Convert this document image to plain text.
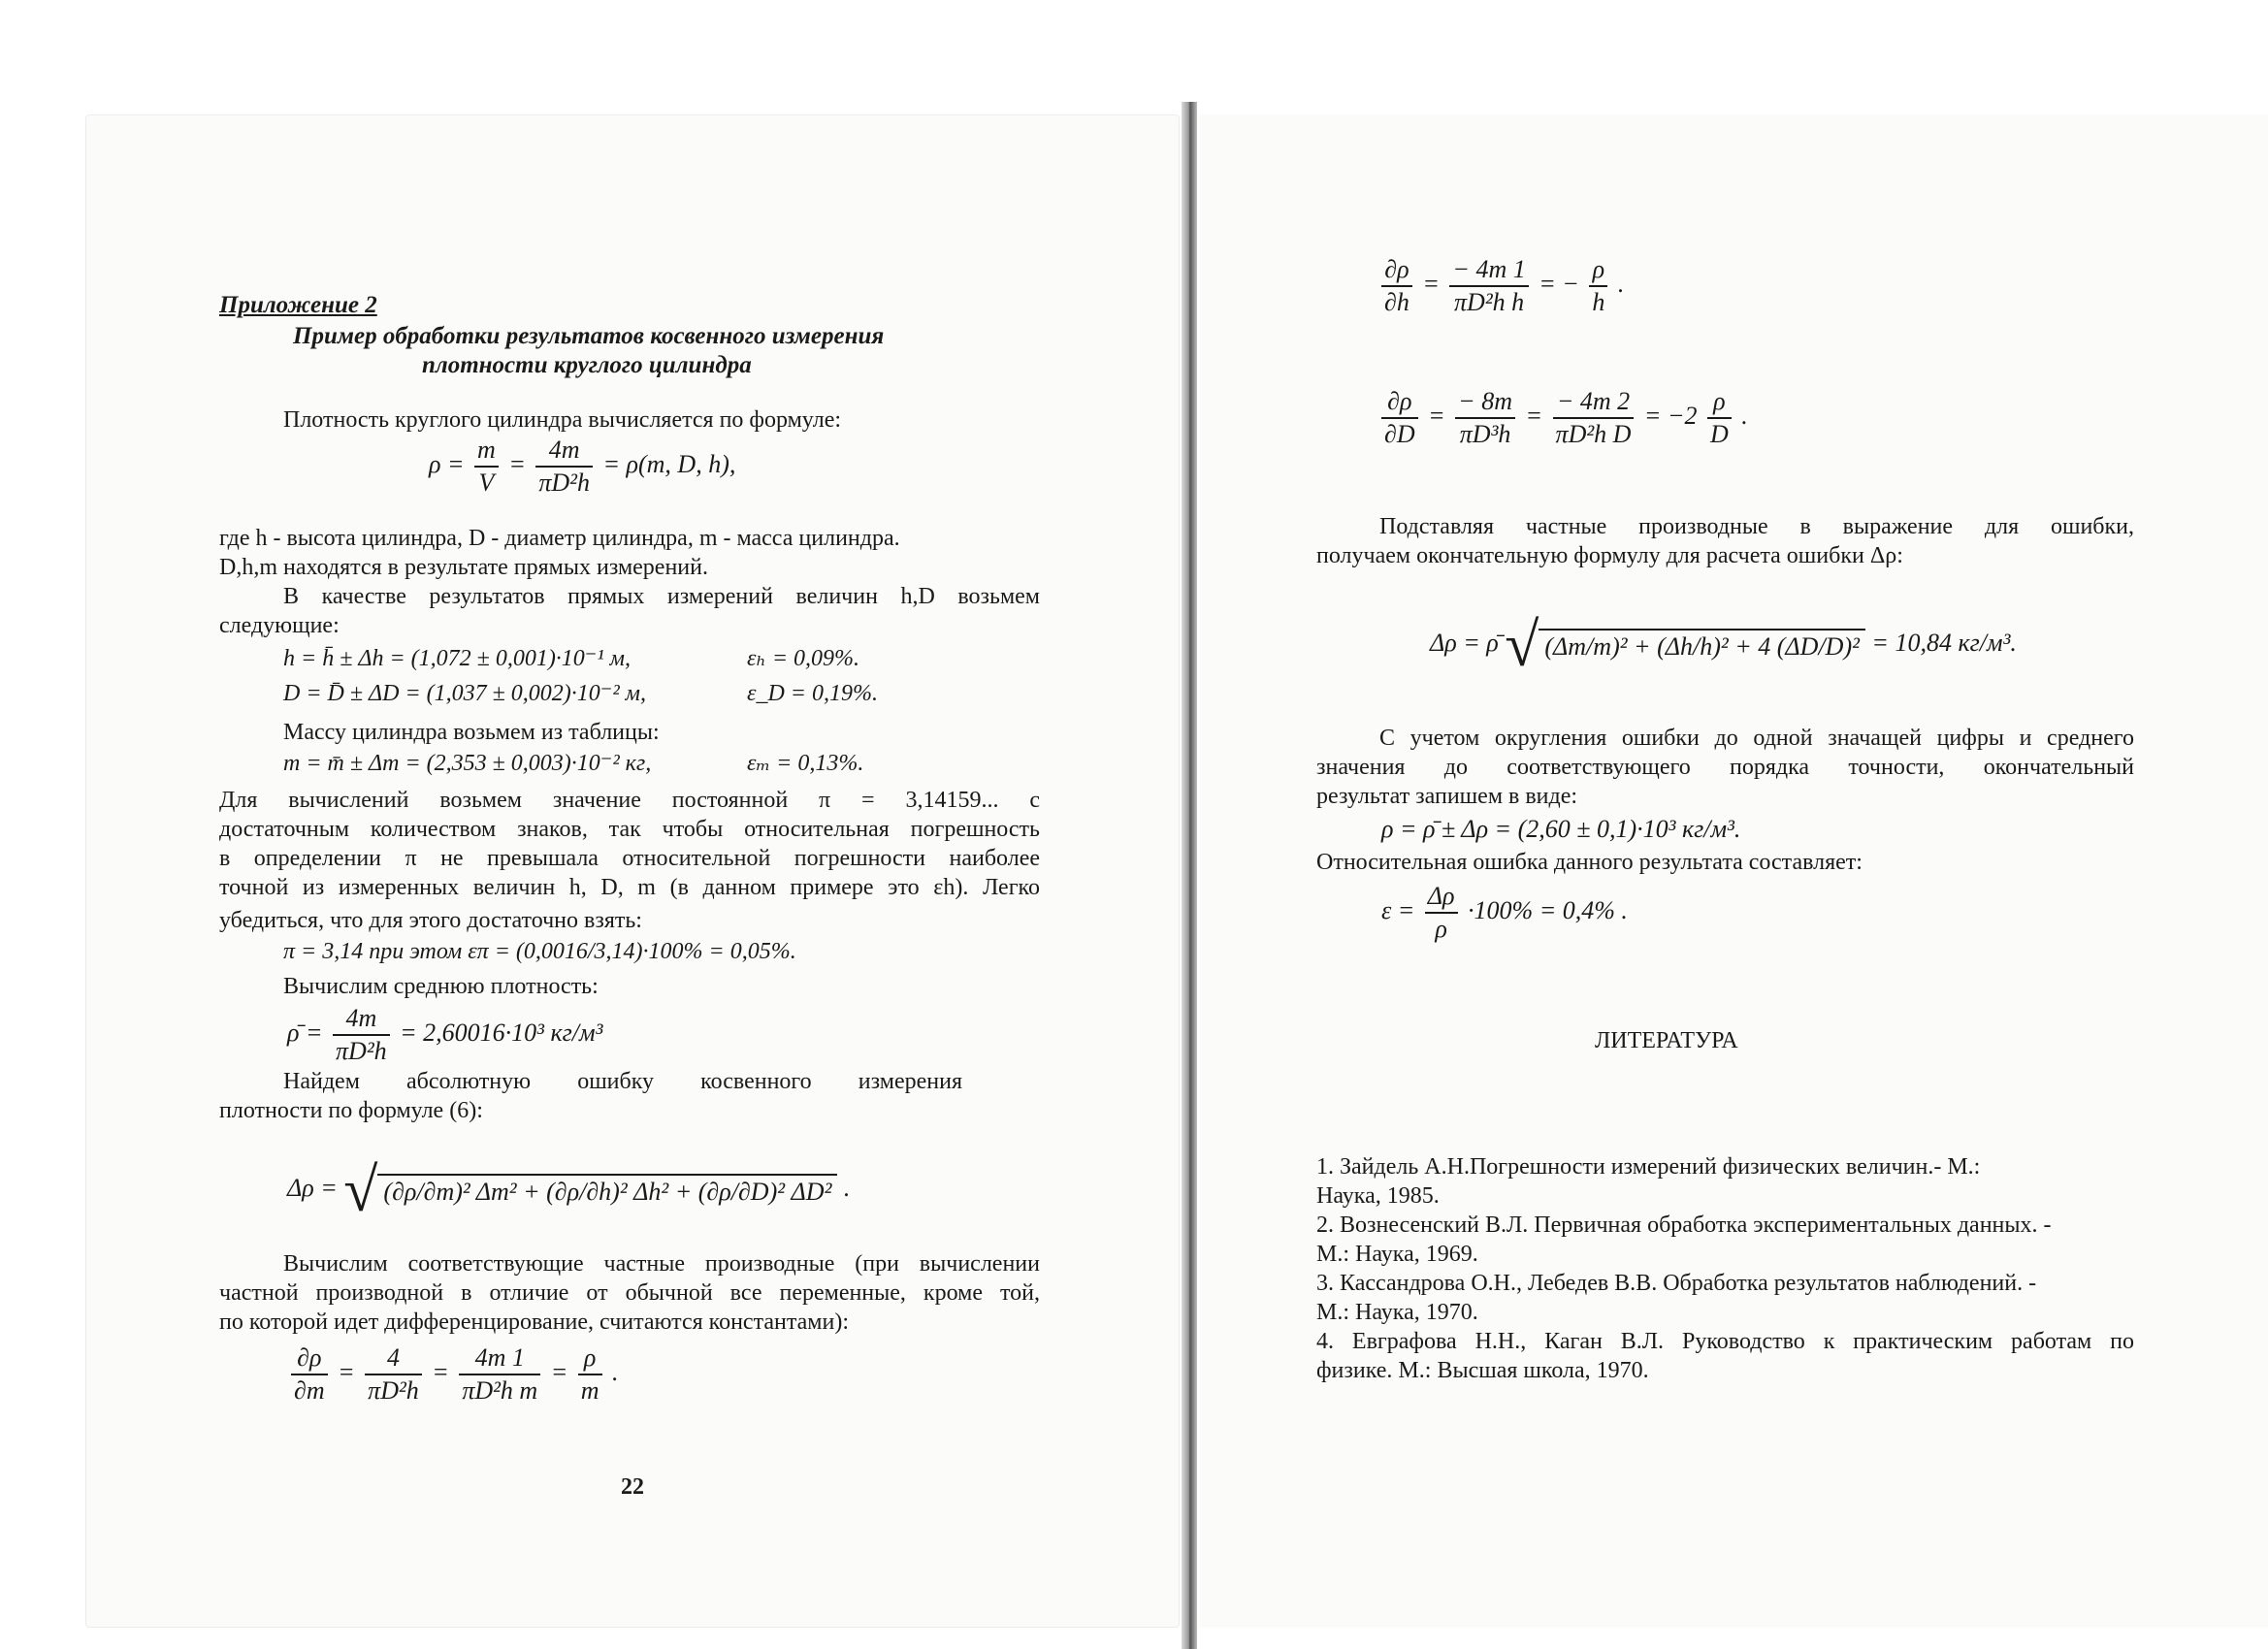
Приложение 2
Пример обработки результатов косвенного измерения
плотности круглого цилиндра
Плотность круглого цилиндра вычисляется по формуле:
$\rho = \frac{m}{V} = \frac{4m}{\text{πD²h}} = \rho(m$, D, h),
где h - высота цилиндра, D - диаметр цилиндра, m - масса цилиндра.
D,h,m находятся в результате прямых измерений.
В качестве результатов прямых измерений величин h,D возьмем
следующие:
h = h̄ ± Δh = (1,072 ± 0,001)·10⁻¹ м,	εₕ = 0,09%.
D = D̄ ± ΔD = (1,037 ± 0,002)·10⁻² м,	ε_D = 0,19%.
Массу цилиндра возьмем из таблицы:
m = m̄ ± Δm = (2,353 ± 0,003)·10⁻² кг,	εₘ = 0,13%.
Для вычислений возьмем значение постоянной π = 3,14159... с
достаточным количеством знаков, так чтобы относительная погрешность
в определении π не превышала относительной погрешности наиболее
точной из измеренных величин h, D, m (в данном примере это εh). Легко
убедиться, что для этого достаточно взять:
π = 3,14 при этом επ = (0,0016/3,14)·100% = 0,05%.
Вычислим среднюю плотность:
ρ̄ = $\frac{4m}{\text{πD²h}} = 2,60016\cdot 10^3$ кг/м³
Найдем абсолютную ошибку косвенного измерения
плотности по формуле (6):
Δρ = √ (∂ρ/∂m)² Δm² + (∂ρ/∂h)² Δh² + (∂ρ/∂D)² ΔD² .
Вычислим соответствующие частные производные (при вычислении
частной производной в отличие от обычной все переменные, кроме той,
по которой идет дифференцирование, считаются константами):
$\frac{\partial\rho}{\partial m} = \frac{4}{\text{πD²h}} = \frac{4m 1}{\text{πD²h m}} = \frac{\rho}{m}$ .
22
$\frac{\partial\rho}{\partial h} = \frac{- 4m 1}{\text{πD²h h}}$ = − $\frac{\rho}{h}$ .
$\frac{\partial\rho}{\partial D} = \frac{- 8m}{\text{πD³h}} = \frac{- 4m 2}{\text{πD²h D}} = -2 \frac{\rho}{D}$ .
Подставляя частные производные в выражение для ошибки,
получаем окончательную формулу для расчета ошибки Δρ:
Δρ = ρ̄ √ (Δm/m)² + (Δh/h)² + 4 (ΔD/D)² = 10,84 кг/м³.
С учетом округления ошибки до одной значащей цифры и среднего
значения до соответствующего порядка точности, окончательный
результат запишем в виде:
ρ = ρ̄ ± Δρ = (2,60 ± 0,1)·10³ кг/м³.
Относительная ошибка данного результата составляет:
$\varepsilon = \frac{\Delta\rho}{\rho} \cdot 100\% = 0,4\%$ .
ЛИТЕРАТУРА
1. Зайдель А.Н.Погрешности измерений физических величин.- М.:
Наука, 1985.
2. Вознесенский В.Л. Первичная обработка экспериментальных данных. -
М.: Наука, 1969.
3. Кассандрова О.Н., Лебедев В.В. Обработка результатов наблюдений. -
М.: Наука, 1970.
4. Евграфова Н.Н., Каган В.Л. Руководство к практическим работам по
физике. М.: Высшая школа, 1970.
